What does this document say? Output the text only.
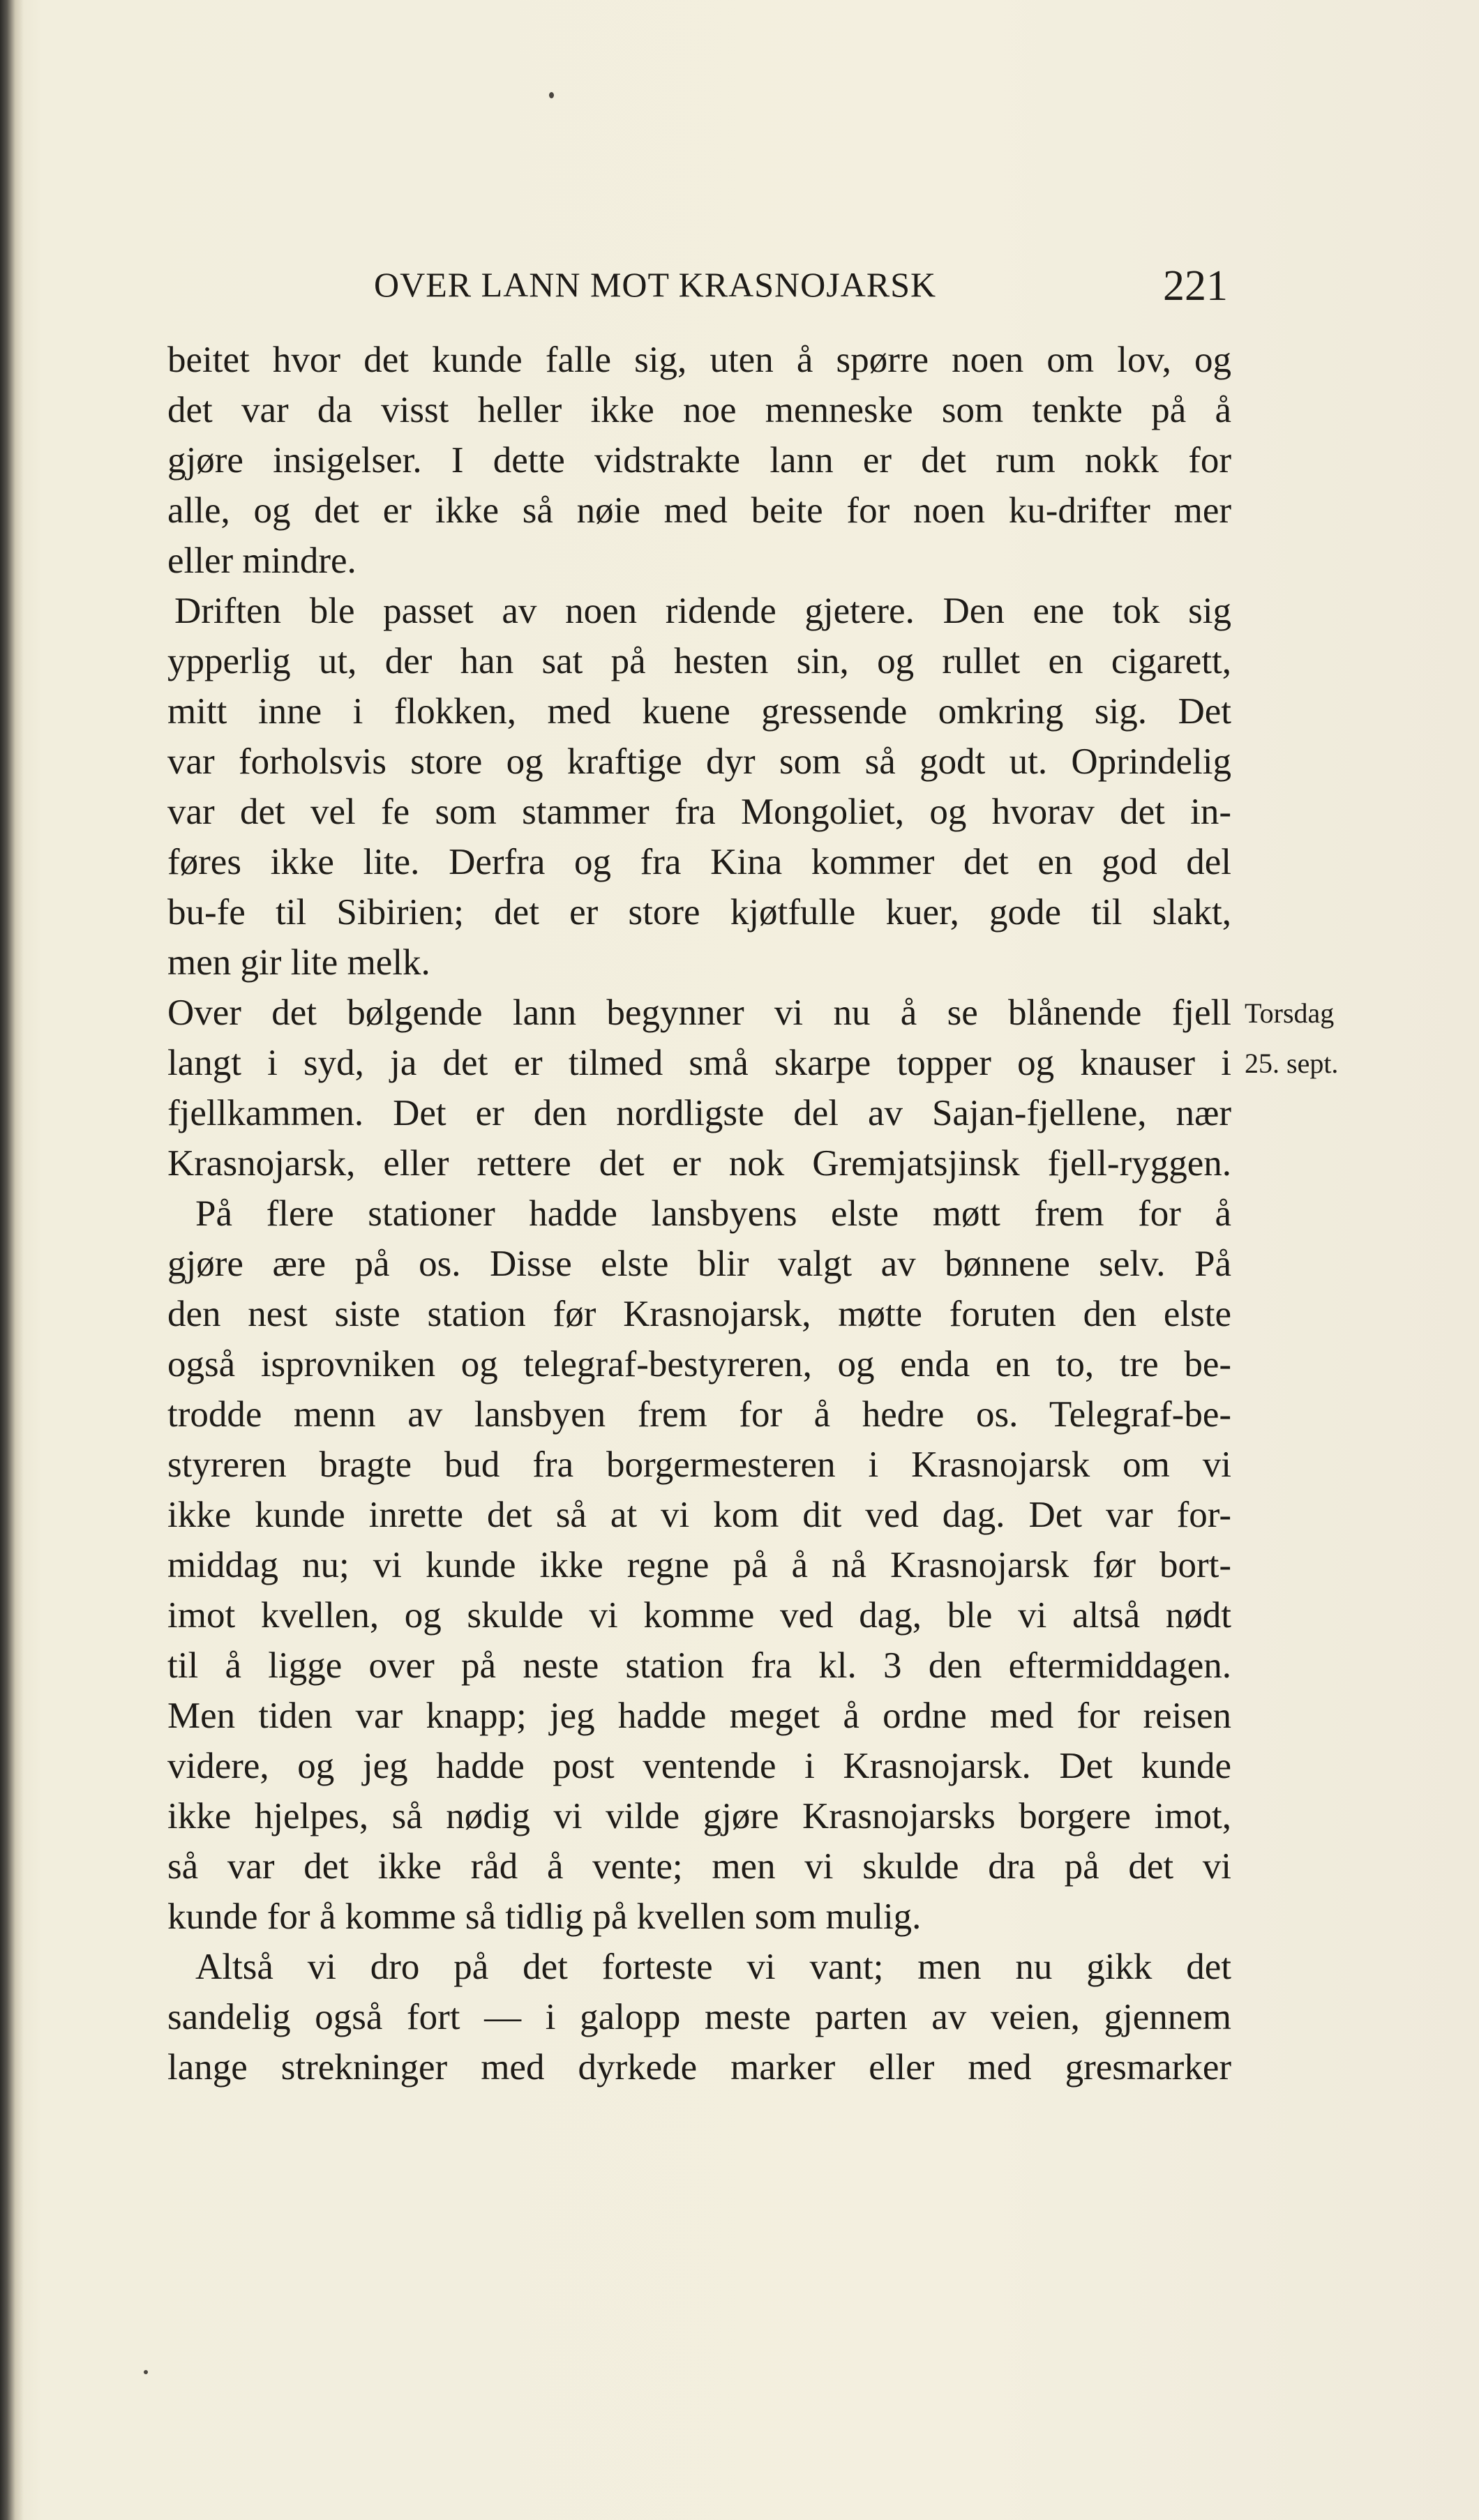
OVER LANN MOT KRASNOJARSK	221
beitet hvor det kunde falle sig, uten å spørre noen om lov, og
det var da visst heller ikke noe menneske som tenkte på å
gjøre insigelser. I dette vidstrakte lann er det rum nokk for
alle, og det er ikke så nøie med beite for noen ku-drifter mer
eller mindre.
Driften ble passet av noen ridende gjetere. Den ene tok sig
ypperlig ut, der han sat på hesten sin, og rullet en cigarett,
mitt inne i flokken, med kuene gressende omkring sig. Det
var forholsvis store og kraftige dyr som så godt ut. Oprindelig
var det vel fe som stammer fra Mongoliet, og hvorav det in-
føres ikke lite. Derfra og fra Kina kommer det en god del
bu-fe til Sibirien; det er store kjøtfulle kuer, gode til slakt,
men gir lite melk.
Over det bølgende lann begynner vi nu å se blånende fjell
langt i syd, ja det er tilmed små skarpe topper og knauser i
fjellkammen. Det er den nordligste del av Sajan-fjellene, nær
Krasnojarsk, eller rettere det er nok Gremjatsjinsk fjell-ryggen.
På flere stationer hadde lansbyens elste møtt frem for å
gjøre ære på os. Disse elste blir valgt av bønnene selv. På
den nest siste station før Krasnojarsk, møtte foruten den elste
også isprovniken og telegraf-bestyreren, og enda en to, tre be-
trodde menn av lansbyen frem for å hedre os. Telegraf-be-
styreren bragte bud fra borgermesteren i Krasnojarsk om vi
ikke kunde inrette det så at vi kom dit ved dag. Det var for-
middag nu; vi kunde ikke regne på å nå Krasnojarsk før bort-
imot kvellen, og skulde vi komme ved dag, ble vi altså nødt
til å ligge over på neste station fra kl. 3 den eftermiddagen.
Men tiden var knapp; jeg hadde meget å ordne med for reisen
videre, og jeg hadde post ventende i Krasnojarsk. Det kunde
ikke hjelpes, så nødig vi vilde gjøre Krasnojarsks borgere imot,
så var det ikke råd å vente; men vi skulde dra på det vi
kunde for å komme så tidlig på kvellen som mulig.
Altså vi dro på det forteste vi vant; men nu gikk det
sandelig også fort — i galopp meste parten av veien, gjennem
lange strekninger med dyrkede marker eller med gresmarker
Torsdag
25. sept.
